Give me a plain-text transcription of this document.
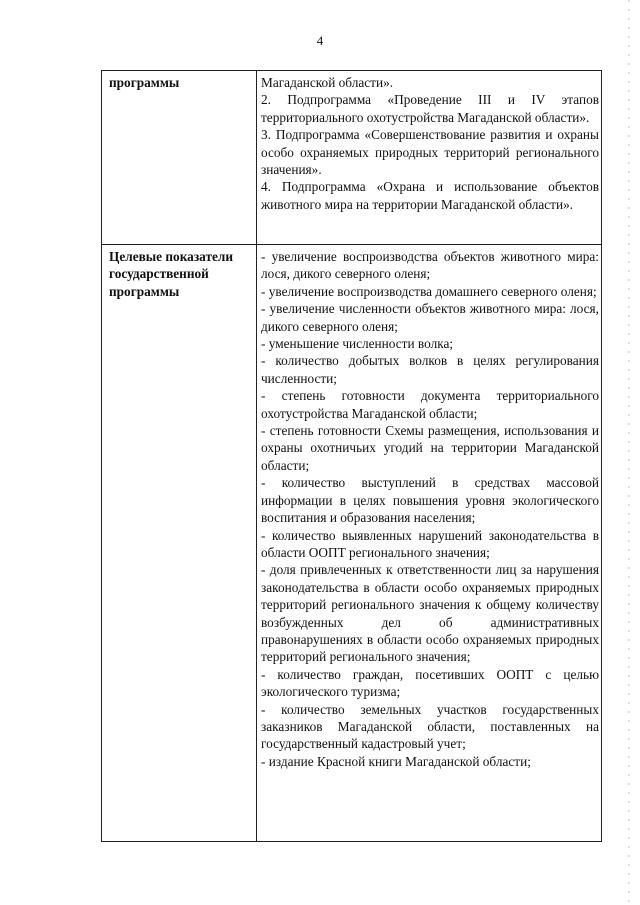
4
программы	Магаданской области».
2. Подпрограмма «Проведение III и IV этапов территориального охотустройства Магаданской области».
3. Подпрограмма «Совершенствование развития и охраны особо охраняемых природных территорий регионального значения».
4. Подпрограмма «Охрана и использование объектов животного мира на территории Магаданской области».
Целевые показатели государственной программы
- увеличение воспроизводства объектов животного мира: лося, дикого северного оленя;
- увеличение воспроизводства домашнего северного оленя;
- увеличение численности объектов животного мира: лося, дикого северного оленя;
- уменьшение численности волка;
- количество добытых волков в целях регулирования численности;
- степень готовности документа территориального охотустройства Магаданской области;
- степень готовности Схемы размещения, использования и охраны охотничьих угодий на территории Магаданской области;
- количество выступлений в средствах массовой информации в целях повышения уровня экологического воспитания и образования населения;
- количество выявленных нарушений законодательства в области ООПТ регионального значения;
- доля привлеченных к ответственности лиц за нарушения законодательства в области особо охраняемых природных территорий регионального значения к общему количеству возбужденных дел об административных правонарушениях в области особо охраняемых природных территорий регионального значения;
- количество граждан, посетивших ООПТ с целью экологического туризма;
- количество земельных участков государственных заказников Магаданской области, поставленных на государственный кадастровый учет;
- издание Красной книги Магаданской области;
